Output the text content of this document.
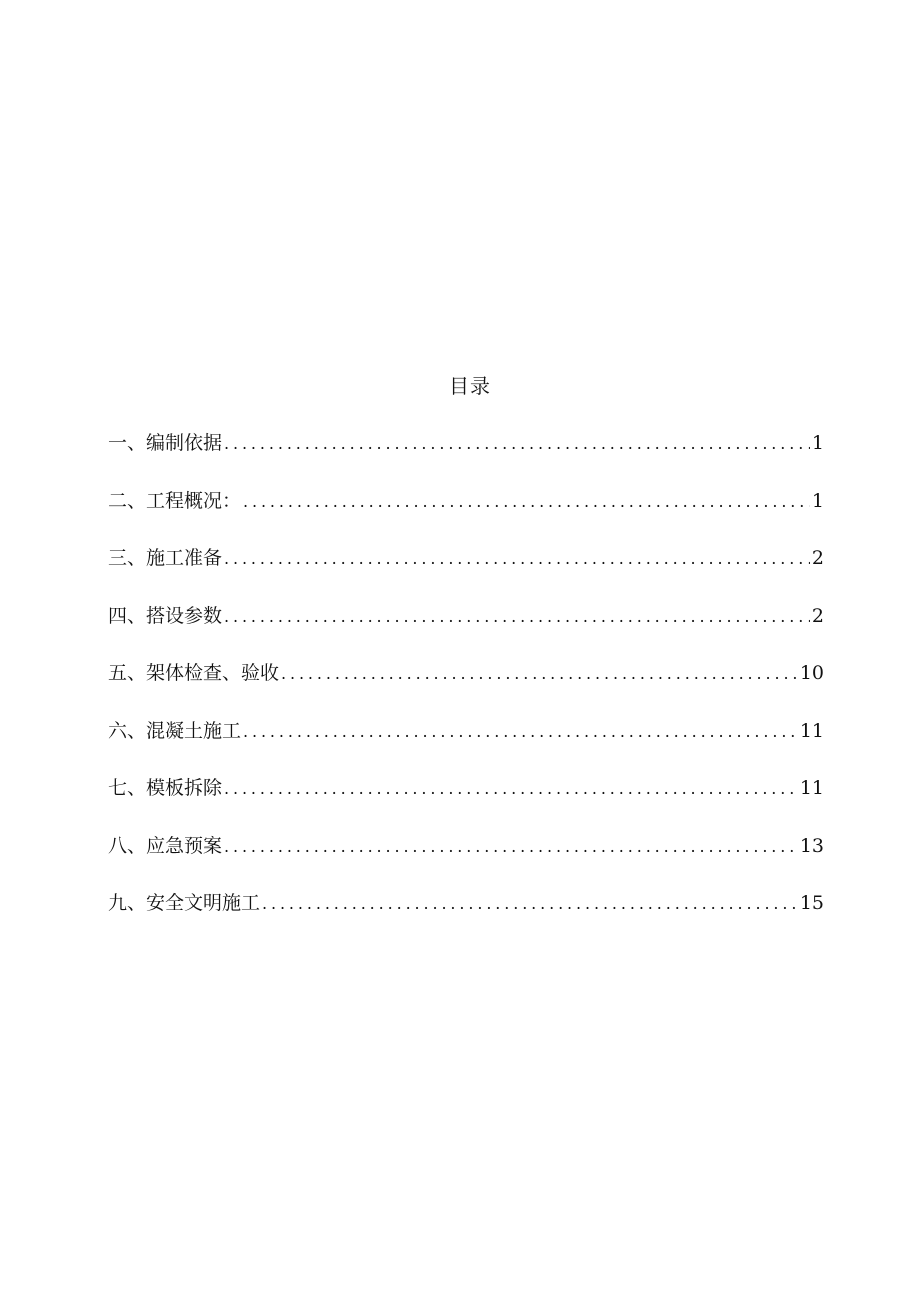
目录
一、编制依据 . . .	1
二、工程概况： . . .	1
三、施工准备 . . .	2
四、搭设参数 . . .	2
五、架体检查、验收 . . .	10
六、混凝土施工 . . .	11
七、模板拆除 . . .	11
八、应急预案 . . .	13
九、安全文明施工 . . .	15
